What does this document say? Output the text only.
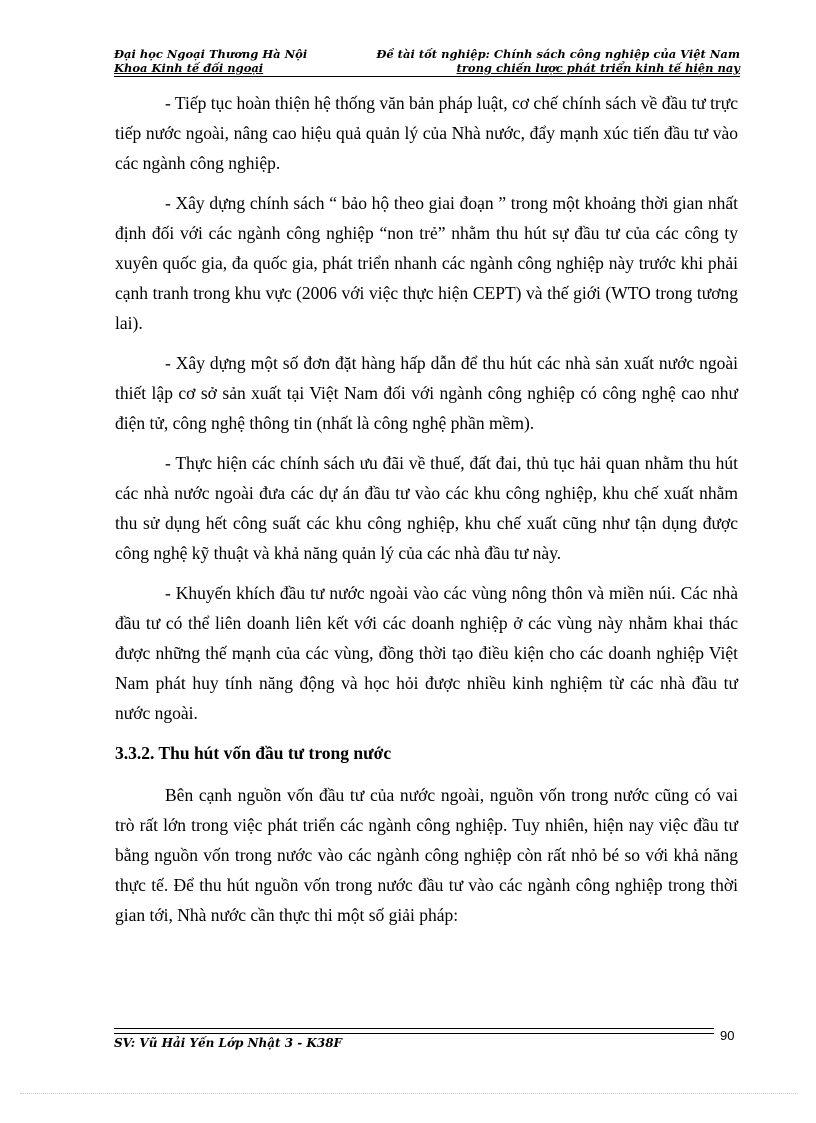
Đại học Ngoại Thương Hà Nội
Khoa Kinh tế đối ngoại
Đề tài tốt nghiệp: Chính sách công nghiệp của Việt Nam
trong chiến lược phát triển kinh tế hiện nay

- Tiếp tục hoàn thiện hệ thống văn bản pháp luật, cơ chế chính sách về đầu tư trực tiếp nước ngoài, nâng cao hiệu quả quản lý của Nhà nước, đẩy mạnh xúc tiến đầu tư vào các ngành công nghiệp.

- Xây dựng chính sách “ bảo hộ theo giai đoạn ” trong một khoảng thời gian nhất định đối với các ngành công nghiệp “non trẻ” nhằm thu hút sự đầu tư của các công ty xuyên quốc gia, đa quốc gia, phát triển nhanh các ngành công nghiệp này trước khi phải cạnh tranh trong khu vực (2006 với việc thực hiện CEPT) và thế giới (WTO trong tương lai).

- Xây dựng một số đơn đặt hàng hấp dẫn để thu hút các nhà sản xuất nước ngoài thiết lập cơ sở sản xuất tại Việt Nam đối với ngành công nghiệp có công nghệ cao như điện tử, công nghệ thông tin (nhất là công nghệ phần mềm).

- Thực hiện các chính sách ưu đãi về thuế, đất đai, thủ tục hải quan nhằm thu hút các nhà nước ngoài đưa các dự án đầu tư vào các khu công nghiệp, khu chế xuất nhằm thu sử dụng hết công suất các khu công nghiệp, khu chế xuất cũng như tận dụng được công nghệ kỹ thuật và khả năng quản lý của các nhà đầu tư này.

- Khuyến khích đầu tư nước ngoài vào các vùng nông thôn và miền núi. Các nhà đầu tư có thể liên doanh liên kết với các doanh nghiệp ở các vùng này nhằm khai thác được những thế mạnh của các vùng, đồng thời tạo điều kiện cho các doanh nghiệp Việt Nam phát huy tính năng động và học hỏi được nhiều kinh nghiệm từ các nhà đầu tư nước ngoài.

3.3.2. Thu hút vốn đầu tư trong nước

Bên cạnh nguồn vốn đầu tư của nước ngoài, nguồn vốn trong nước cũng có vai trò rất lớn trong việc phát triển các ngành công nghiệp. Tuy nhiên, hiện nay việc đầu tư bằng nguồn vốn trong nước vào các ngành công nghiệp còn rất nhỏ bé so với khả năng thực tế. Để thu hút nguồn vốn trong nước đầu tư vào các ngành công nghiệp trong thời gian tới, Nhà nước cần thực thi một số giải pháp:

SV: Vũ Hải Yến Lớp Nhật 3 - K38F	90
